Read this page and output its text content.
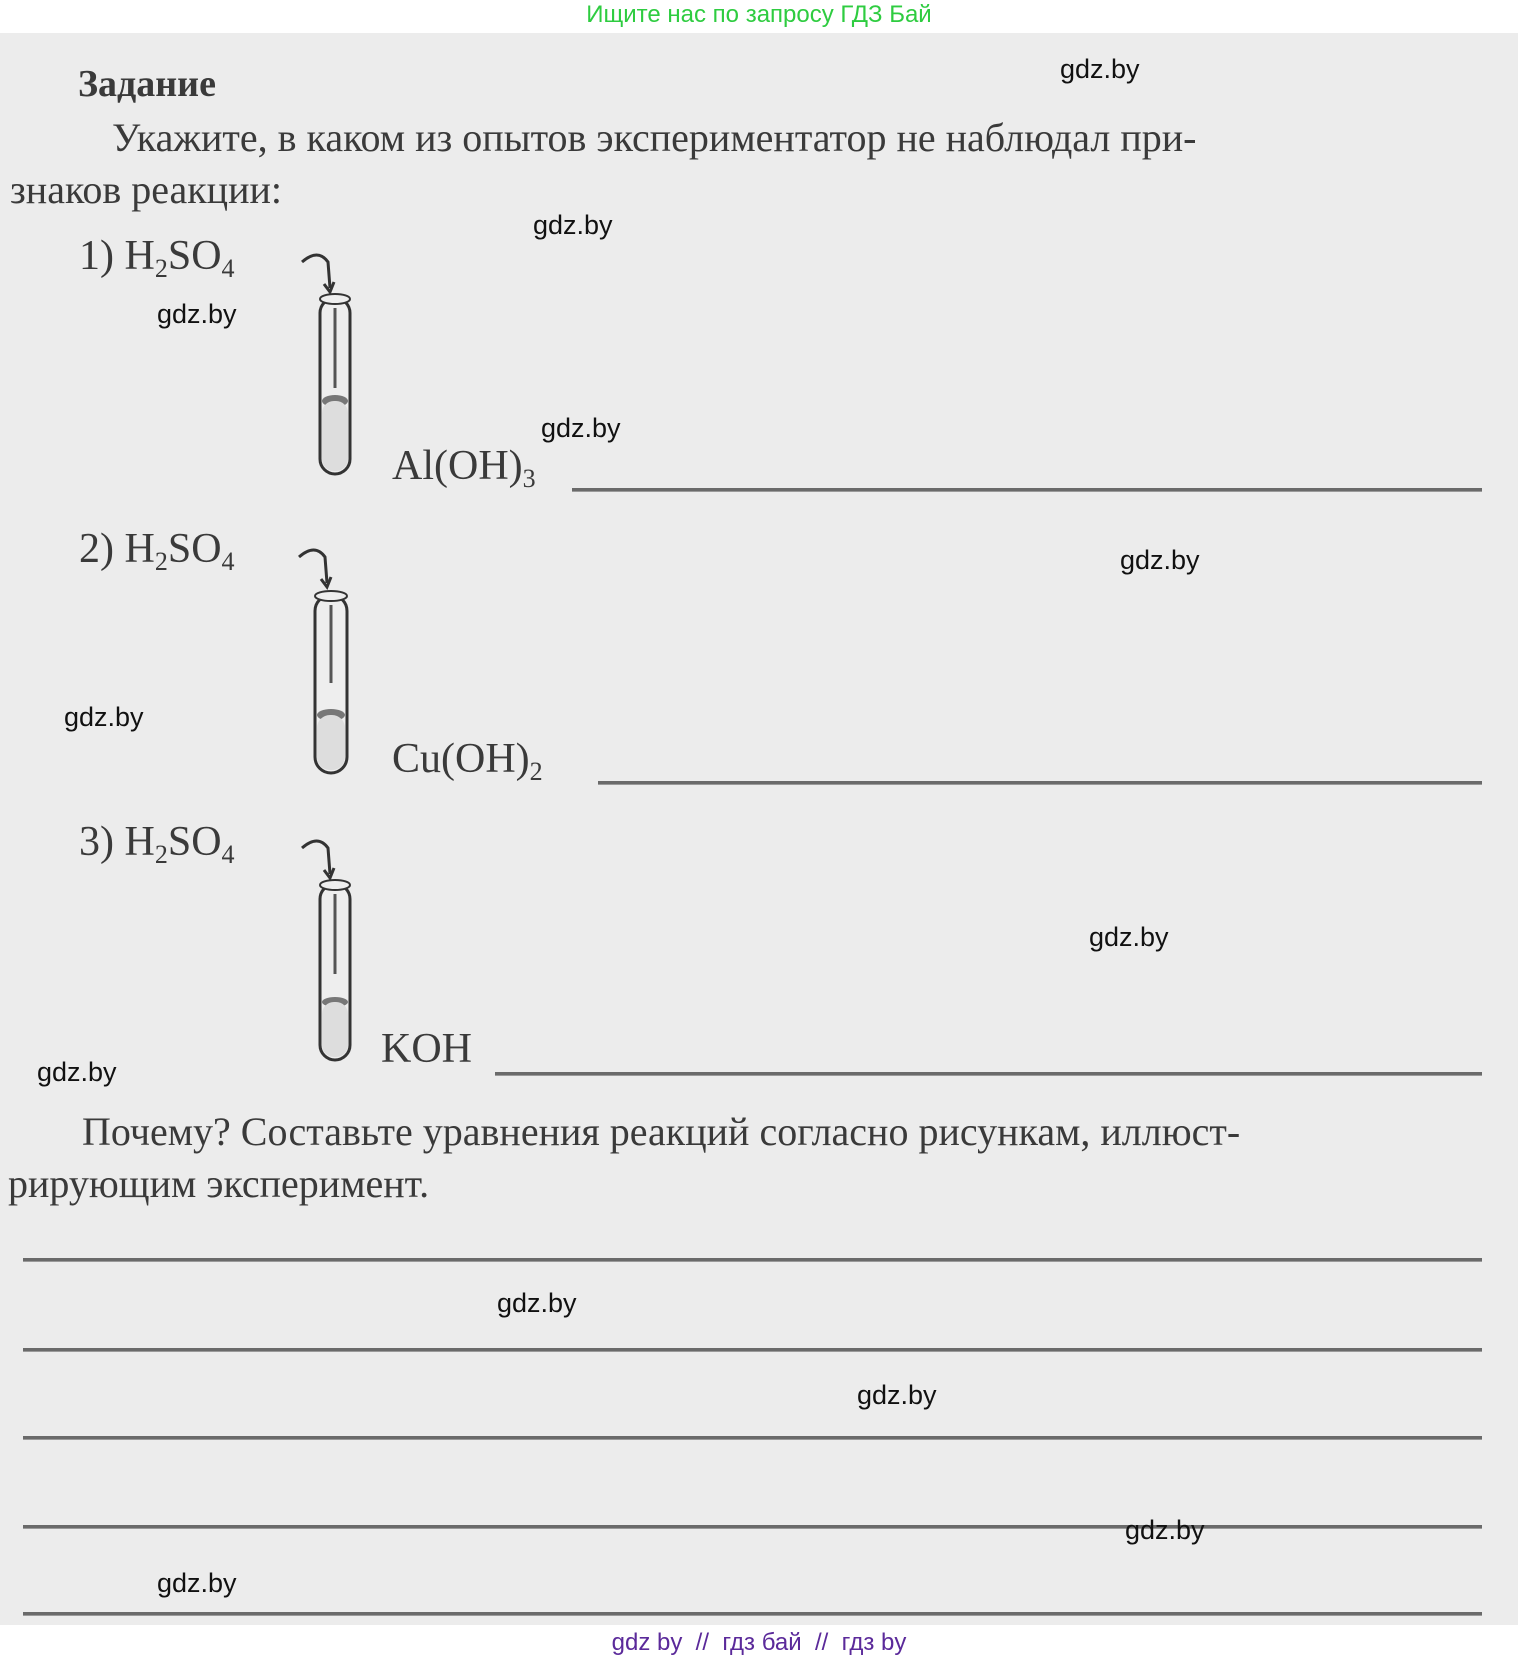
Ищите нас по запросу ГДЗ Бай
Задание
Укажите, в каком из опытов экспериментатор не наблюдал при-
знаков реакции:
1) $H_2SO_4$
$Al(OH)_3$
2) $H_2SO_4$
$Cu(OH)_2$
3) $H_2SO_4$
KOH
Почему? Составьте уравнения реакций согласно рисункам, иллюст-
рирующим эксперимент.
gdz.by
gdz.by
gdz.by
gdz.by
gdz.by
gdz.by
gdz.by
gdz.by
gdz.by
gdz.by
gdz.by
gdz.by
gdz by  //  гдз бай  //  гдз by
